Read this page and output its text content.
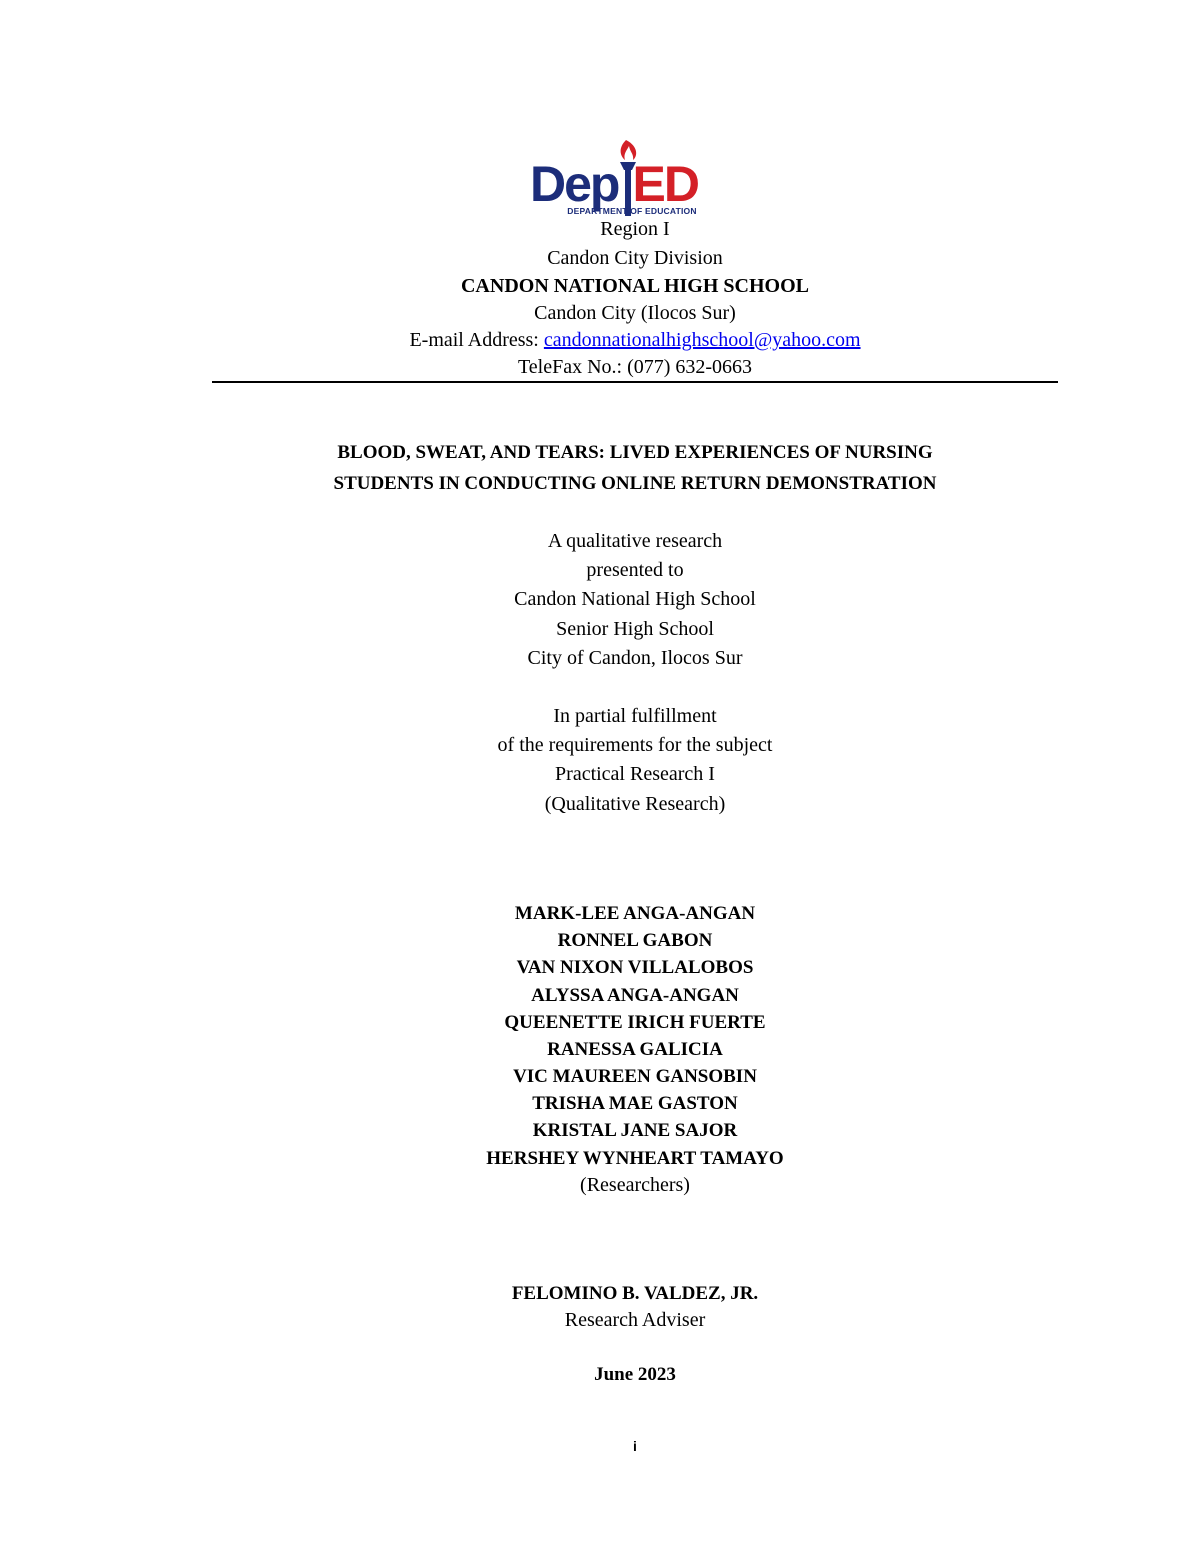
Dep ED
DEPARTMENT OF EDUCATION
Region I
Candon City Division
CANDON NATIONAL HIGH SCHOOL
Candon City (Ilocos Sur)
E-mail Address: candonnationalhighschool@yahoo.com
TeleFax No.: (077) 632-0663
BLOOD, SWEAT, AND TEARS: LIVED EXPERIENCES OF NURSING
STUDENTS IN CONDUCTING ONLINE RETURN DEMONSTRATION
A qualitative research
presented to
Candon National High School
Senior High School
City of Candon, Ilocos Sur
In partial fulfillment
of the requirements for the subject
Practical Research I
(Qualitative Research)
MARK-LEE ANGA-ANGAN
RONNEL GABON
VAN NIXON VILLALOBOS
ALYSSA ANGA-ANGAN
QUEENETTE IRICH FUERTE
RANESSA GALICIA
VIC MAUREEN GANSOBIN
TRISHA MAE GASTON
KRISTAL JANE SAJOR
HERSHEY WYNHEART TAMAYO
(Researchers)
FELOMINO B. VALDEZ, JR.
Research Adviser
June 2023
i
